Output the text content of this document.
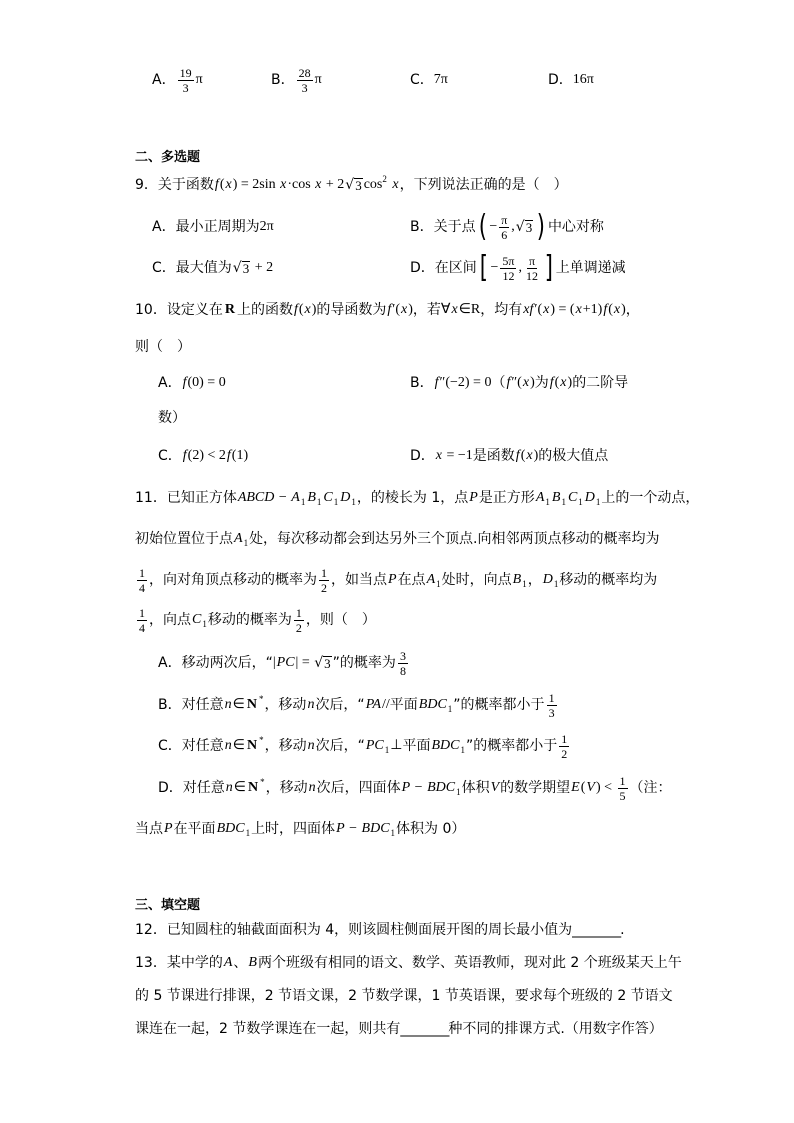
A． $\frac{19}{3}$ π	B． $\frac{28}{3}$ π	C． 7π	D． 16π
二、多选题
9．关于函数 f ( x ) = 2sin x ·cos x + 2 √ 3 cos 2
x ，下列说法正确的是（　）
A．最小正周期为 2π	B．关于点 ( − $\frac{\pi}{6}$ , √ 3 ) 中心对称
C．最大值为 √ 3 + 2	D．在区间 [ − $\frac{5\pi}{12}$ , $\frac{\pi}{12}$ ] 上单调递减
10．设定义在 R 上的函数 f ( x ) 的导函数为 f ′( x ) ，若 ∀ x ∈R ，均有 xf ′( x ) = ( x +1) f ( x ) ，
则（　）
A． f (0) = 0	B． f ″(−2) = 0 （ f ″( x ) 为 f ( x ) 的二阶导
数）
C． f (2) < 2 f (1)	D． x = −1 是函数 f ( x ) 的极大值点
11．已知正方体 ABCD − A 1 B 1 C 1 D 1 ，的棱长为 1，点 P 是正方形 A 1 B 1 C 1 D 1 上的一个动点，
初始位置位于点 A 1 处，每次移动都会到达另外三个顶点.向相邻两顶点移动的概率均为
$\frac{1}{4}$ ，向对角顶点移动的概率为 $\frac{1}{2}$ ，如当点 P 在点 A 1 处时，向点 B 1 ， D 1 移动的概率均为
$\frac{1}{4}$ ，向点 C 1 移动的概率为 $\frac{1}{2}$ ，则（　）
A．移动两次后，“ | PC | = √ 3 ”的概率为 $\frac{3}{8}$
B．对任意 n ∈ N * ，移动 n 次后，“ PA // 平面 BDC 1 ”的概率都小于 $\frac{1}{3}$
C．对任意 n ∈ N * ，移动 n 次后，“ PC 1 ⊥ 平面 BDC 1 ”的概率都小于 $\frac{1}{2}$
D．对任意 n ∈ N * ，移动 n 次后，四面体 P − BDC 1 体积 V 的数学期望 E ( V ) < $\frac{1}{5}$ （注：
当点 P 在平面 BDC 1 上时，四面体 P − BDC 1 体积为 0）
三、填空题
12．已知圆柱的轴截面面积为 4，则该圆柱侧面展开图的周长最小值为 ________ .
13．某中学的 A 、 B 两个班级有相同的语文、数学、英语教师，现对此 2 个班级某天上午
的 5 节课进行排课，2 节语文课，2 节数学课，1 节英语课，要求每个班级的 2 节语文
课连在一起，2 节数学课连在一起，则共有 ________ 种不同的排课方式.（用数字作答）
